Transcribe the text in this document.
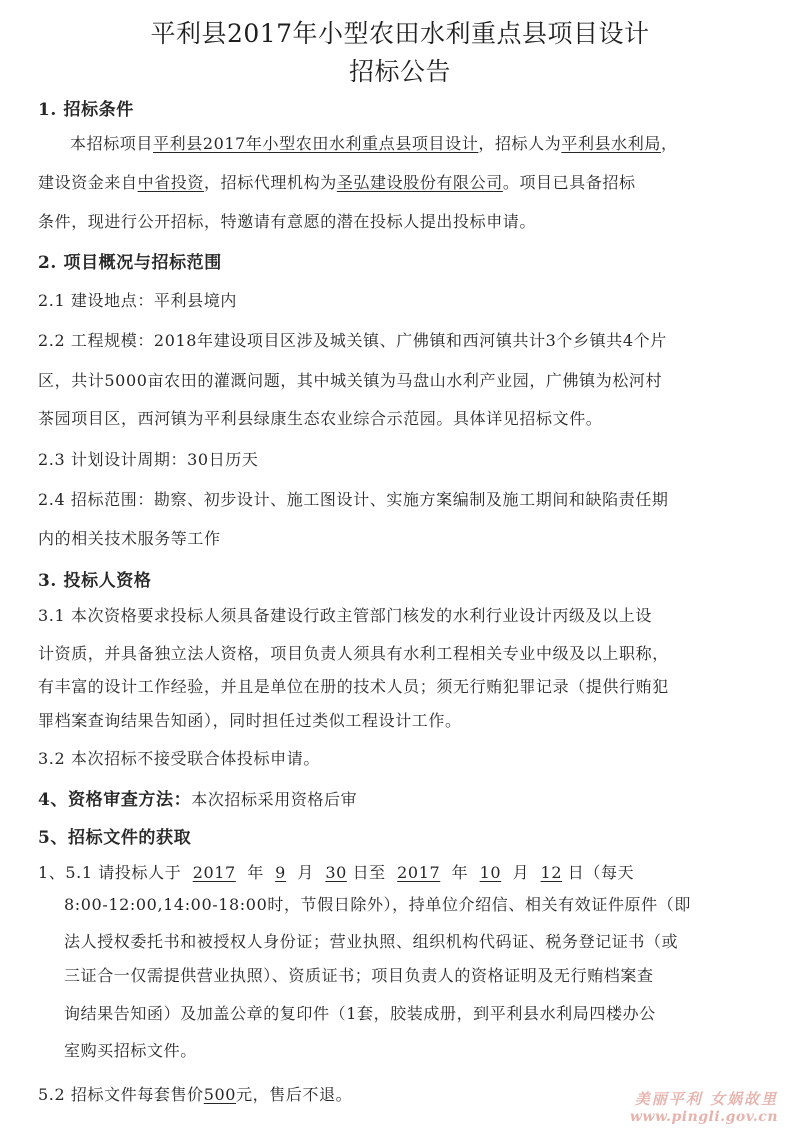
平利县2017年小型农田水利重点县项目设计
招标公告
1. 招标条件
本招标项目平利县2017年小型农田水利重点县项目设计，招标人为平利县水利局，
建设资金来自中省投资，招标代理机构为圣弘建设股份有限公司。项目已具备招标
条件，现进行公开招标，特邀请有意愿的潜在投标人提出投标申请。
2. 项目概况与招标范围
2.1 建设地点：平利县境内
2.2 工程规模：2018年建设项目区涉及城关镇、广佛镇和西河镇共计3个乡镇共4个片
区，共计5000亩农田的灌溉问题，其中城关镇为马盘山水利产业园，广佛镇为松河村
茶园项目区，西河镇为平利县绿康生态农业综合示范园。具体详见招标文件。
2.3 计划设计周期：30日历天
2.4 招标范围：勘察、初步设计、施工图设计、实施方案编制及施工期间和缺陷责任期
内的相关技术服务等工作
3. 投标人资格
3.1 本次资格要求投标人须具备建设行政主管部门核发的水利行业设计丙级及以上设
计资质，并具备独立法人资格，项目负责人须具有水利工程相关专业中级及以上职称，
有丰富的设计工作经验，并且是单位在册的技术人员；须无行贿犯罪记录（提供行贿犯
罪档案查询结果告知函），同时担任过类似工程设计工作。
3.2 本次招标不接受联合体投标申请。
4、资格审查方法：本次招标采用资格后审
5、招标文件的获取
1、5.1 请投标人于 2017 年 9 月 30 日至 2017 年 10 月 12 日（每天
8:00-12:00,14:00-18:00时，节假日除外），持单位介绍信、相关有效证件原件（即
法人授权委托书和被授权人身份证；营业执照、组织机构代码证、税务登记证书（或
三证合一仅需提供营业执照）、资质证书；项目负责人的资格证明及无行贿档案查
询结果告知函）及加盖公章的复印件（1套，胶装成册，到平利县水利局四楼办公
室购买招标文件。
5.2 招标文件每套售价500元，售后不退。	美丽平利 女娲故里
www.pingli.gov.cn
